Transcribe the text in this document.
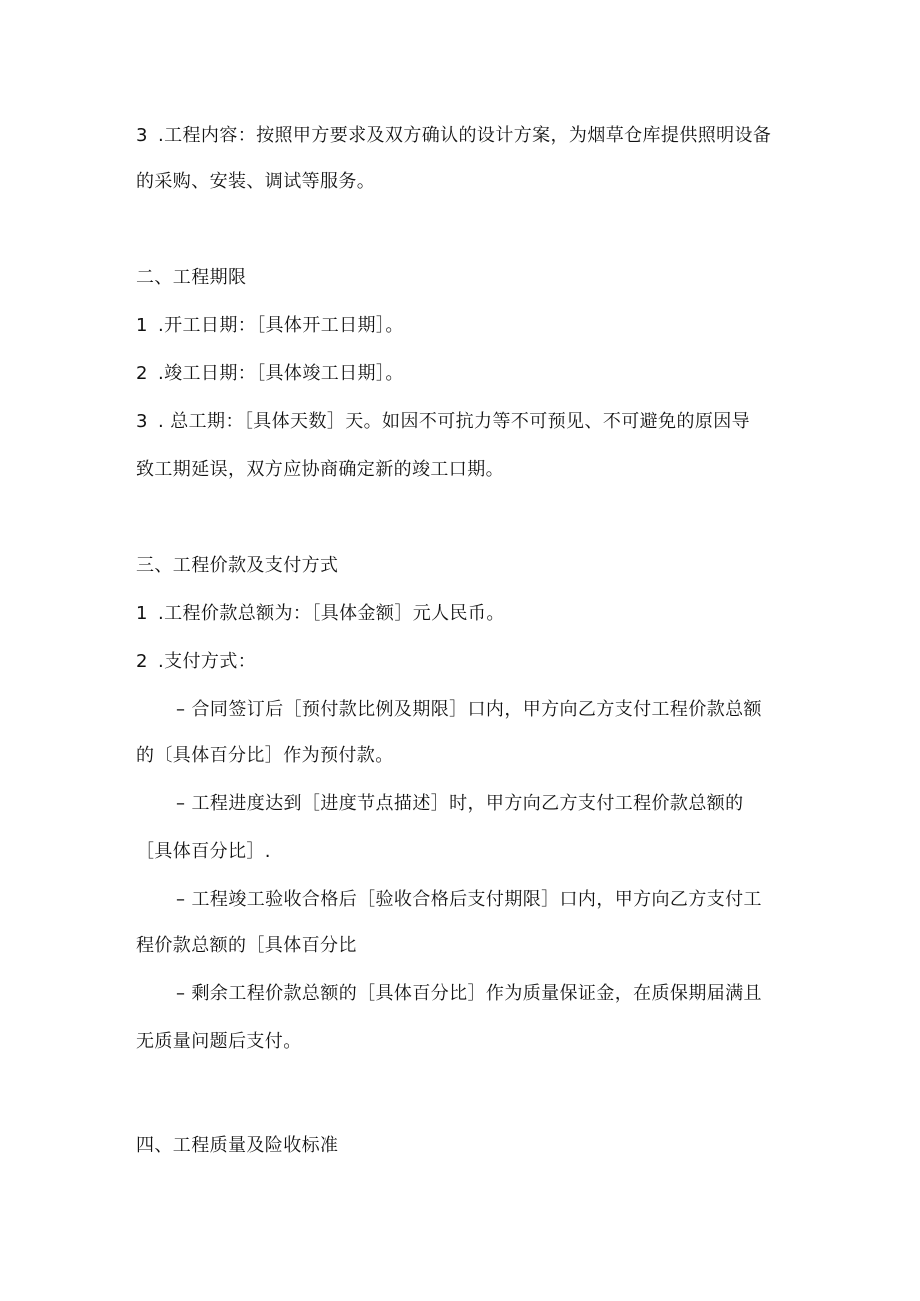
3 .工程内容：按照甲方要求及双方确认的设计方案，为烟草仓库提供照明设备
的采购、安装、调试等服务。
二、工程期限
1 .开工日期：［具体开工日期］。
2 .竣工日期：［具体竣工日期］。
3 . 总工期：［具体天数］天。如因不可抗力等不可预见、不可避免的原因导
致工期延误，双方应协商确定新的竣工口期。
三、工程价款及支付方式
1 .工程价款总额为：［具体金额］元人民币。
2 .支付方式：
– 合同签订后［预付款比例及期限］口内，甲方向乙方支付工程价款总额
的〔具体百分比］作为预付款。
– 工程进度达到［进度节点描述］时，甲方向乙方支付工程价款总额的
［具体百分比］.
– 工程竣工验收合格后［验收合格后支付期限］口内，甲方向乙方支付工
程价款总额的［具体百分比
– 剩余工程价款总额的［具体百分比］作为质量保证金，在质保期届满且
无质量问题后支付。
四、工程质量及险收标准
